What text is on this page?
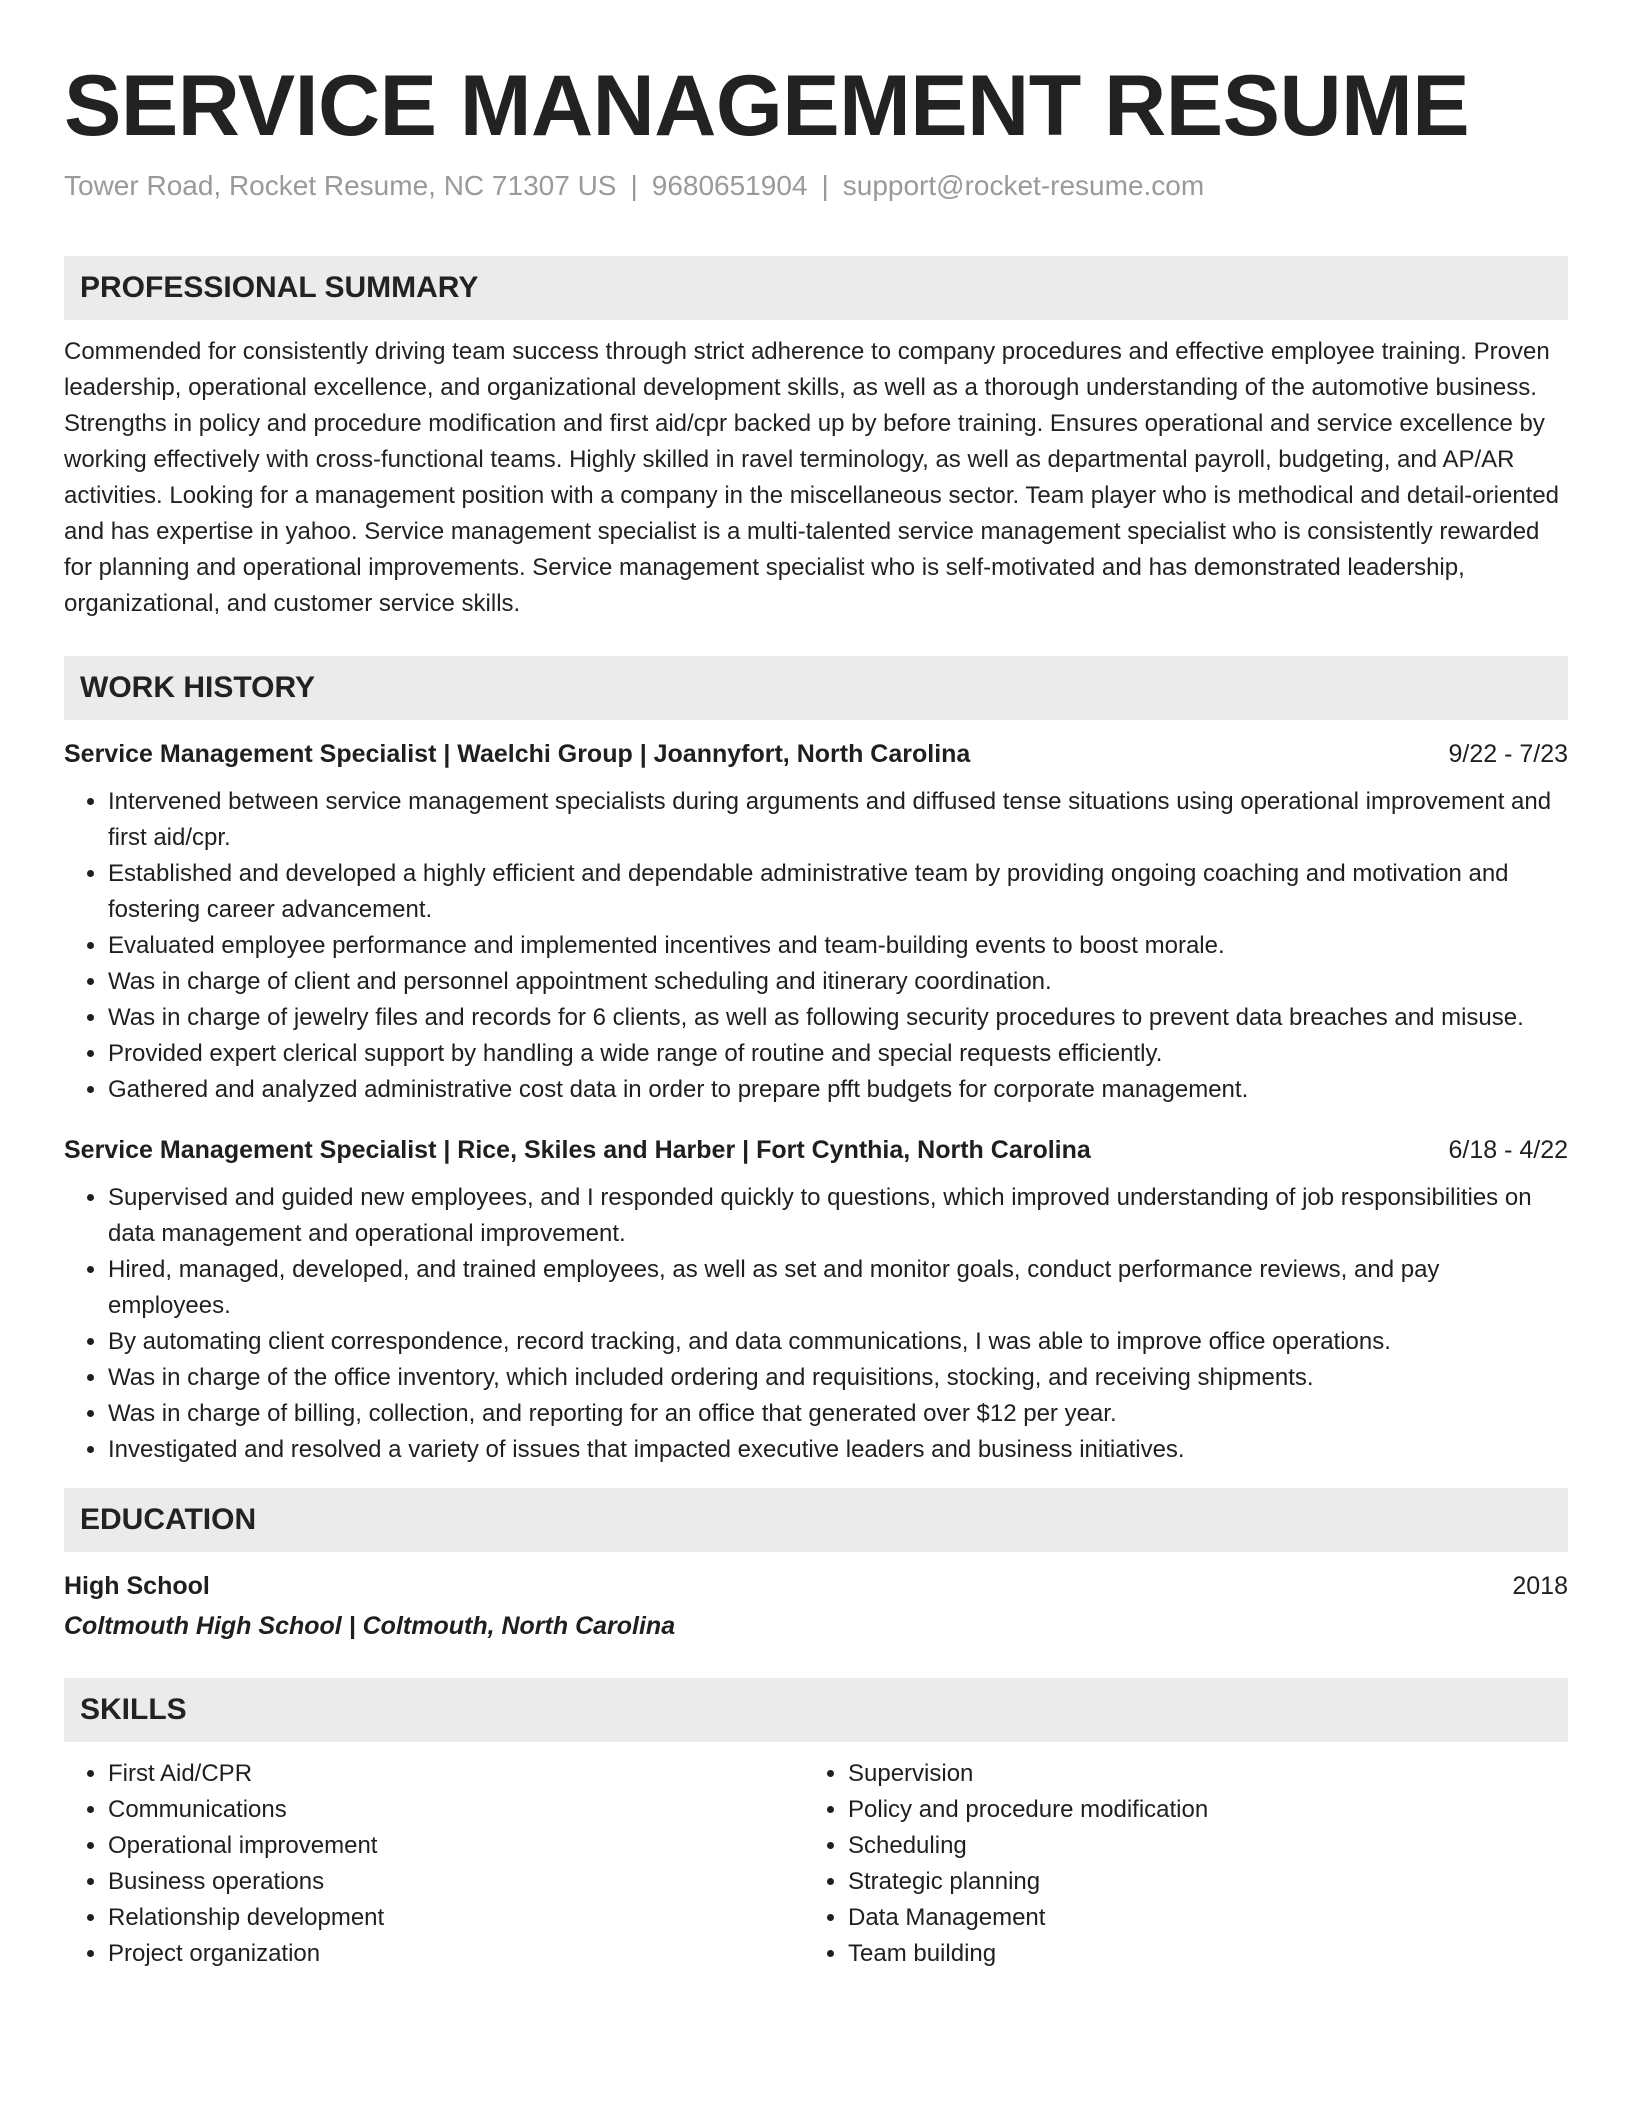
SERVICE MANAGEMENT RESUME
Tower Road, Rocket Resume, NC 71307 US | 9680651904 | support@rocket-resume.com
PROFESSIONAL SUMMARY
Commended for consistently driving team success through strict adherence to company procedures and effective employee training. Proven leadership, operational excellence, and organizational development skills, as well as a thorough understanding of the automotive business. Strengths in policy and procedure modification and first aid/cpr backed up by before training. Ensures operational and service excellence by working effectively with cross-functional teams. Highly skilled in ravel terminology, as well as departmental payroll, budgeting, and AP/AR activities. Looking for a management position with a company in the miscellaneous sector. Team player who is methodical and detail-oriented and has expertise in yahoo. Service management specialist is a multi-talented service management specialist who is consistently rewarded for planning and operational improvements. Service management specialist who is self-motivated and has demonstrated leadership, organizational, and customer service skills.
WORK HISTORY
Service Management Specialist | Waelchi Group | Joannyfort, North Carolina	9/22 - 7/23
• Intervened between service management specialists during arguments and diffused tense situations using operational improvement and first aid/cpr.
• Established and developed a highly efficient and dependable administrative team by providing ongoing coaching and motivation and fostering career advancement.
• Evaluated employee performance and implemented incentives and team-building events to boost morale.
• Was in charge of client and personnel appointment scheduling and itinerary coordination.
• Was in charge of jewelry files and records for 6 clients, as well as following security procedures to prevent data breaches and misuse.
• Provided expert clerical support by handling a wide range of routine and special requests efficiently.
• Gathered and analyzed administrative cost data in order to prepare pfft budgets for corporate management.
Service Management Specialist | Rice, Skiles and Harber | Fort Cynthia, North Carolina	6/18 - 4/22
• Supervised and guided new employees, and I responded quickly to questions, which improved understanding of job responsibilities on data management and operational improvement.
• Hired, managed, developed, and trained employees, as well as set and monitor goals, conduct performance reviews, and pay employees.
• By automating client correspondence, record tracking, and data communications, I was able to improve office operations.
• Was in charge of the office inventory, which included ordering and requisitions, stocking, and receiving shipments.
• Was in charge of billing, collection, and reporting for an office that generated over $12 per year.
• Investigated and resolved a variety of issues that impacted executive leaders and business initiatives.
EDUCATION
High School	2018
Coltmouth High School | Coltmouth, North Carolina
SKILLS
• First Aid/CPR
• Communications
• Operational improvement
• Business operations
• Relationship development
• Project organization
• Supervision
• Policy and procedure modification
• Scheduling
• Strategic planning
• Data Management
• Team building
